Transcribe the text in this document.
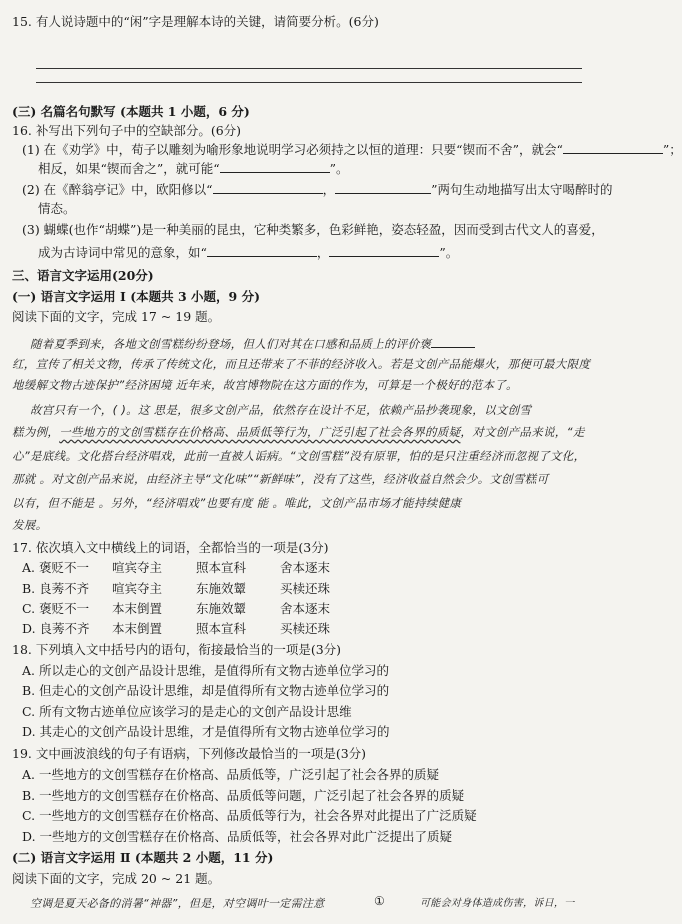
15. 有人说诗题中的“闲”字是理解本诗的关键，请简要分析。(6分)
(三) 名篇名句默写 (本题共 1 小题，6 分)
16. 补写出下列句子中的空缺部分。(6分)
(1) 在《劝学》中，荀子以雕刻为喻形象地说明学习必须持之以恒的道理：只要“锲而不舍”，就会“	”；
相反，如果“锲而舍之”，就可能“	”。
(2) 在《醉翁亭记》中，欧阳修以“	，	”两句生动地描写出太守喝醉时的
情态。
(3) 蝴蝶(也作“胡蝶”)是一种美丽的昆虫，它种类繁多，色彩鲜艳，姿态轻盈，因而受到古代文人的喜爱，
成为古诗词中常见的意象，如“	，	”。
三、语言文字运用(20分)
(一) 语言文字运用 Ⅰ (本题共 3 小题，9 分)
阅读下面的文字，完成 17 ~ 19 题。
随着夏季到来，各地文创雪糕纷纷登场，但人们对其在口感和品质上的评价褒
红，宣传了相关文物，传承了传统文化，而且还带来了不菲的经济收入。若是文创产品能爆火，那便可最大限度
地缓解文物古迹保护”经济困境 近年来，故宫博物院在这方面的作为，可算是一个极好的范本了。
故宫只有一个，( )。这 思是，很多文创产品，依然存在设计不足，依赖产品抄袭现象，以文创雪
糕为例，一些地方的文创雪糕存在价格高、品质低等行为，广泛引起了社会各界的质疑，对文创产品来说，“走
心”是底线。文化搭台经济唱戏，此前一直被人诟病。“文创雪糕”没有原罪，怕的是只注重经济而忽视了文化，
那就 。对文创产品来说，由经济主导“文化味”“新鲜味”，没有了这些，经济收益自然会少。文创雪糕可
以有，但不能是 。另外，“经济唱戏”也要有度 能 。唯此，文创产品市场才能持续健康
发展。
17. 依次填入文中横线上的词语，全都恰当的一项是(3分)
A. 褒贬不一 喧宾夺主	照本宣科	舍本逐末
B. 良莠不齐 喧宾夺主	东施效颦	买椟还珠
C. 褒贬不一 本末倒置	东施效颦	舍本逐末
D. 良莠不齐 本末倒置	照本宣科	买椟还珠
18. 下列填入文中括号内的语句，衔接最恰当的一项是(3分)
A. 所以走心的文创产品设计思维，是值得所有文物古迹单位学习的
B. 但走心的文创产品设计思维，却是值得所有文物古迹单位学习的
C. 所有文物古迹单位应该学习的是走心的文创产品设计思维
D. 其走心的文创产品设计思维，才是值得所有文物古迹单位学习的
19. 文中画波浪线的句子有语病，下列修改最恰当的一项是(3分)
A. 一些地方的文创雪糕存在价格高、品质低等，广泛引起了社会各界的质疑
B. 一些地方的文创雪糕存在价格高、品质低等问题，广泛引起了社会各界的质疑
C. 一些地方的文创雪糕存在价格高、品质低等行为，社会各界对此提出了广泛质疑
D. 一些地方的文创雪糕存在价格高、品质低等，社会各界对此广泛提出了质疑
(二) 语言文字运用 Ⅱ (本题共 2 小题，11 分)
阅读下面的文字，完成 20 ~ 21 题。
空调是夏天必备的消暑“神器”，但是，对空调叶一定需注意	①	可能会对身体造成伤害，诉日，一
